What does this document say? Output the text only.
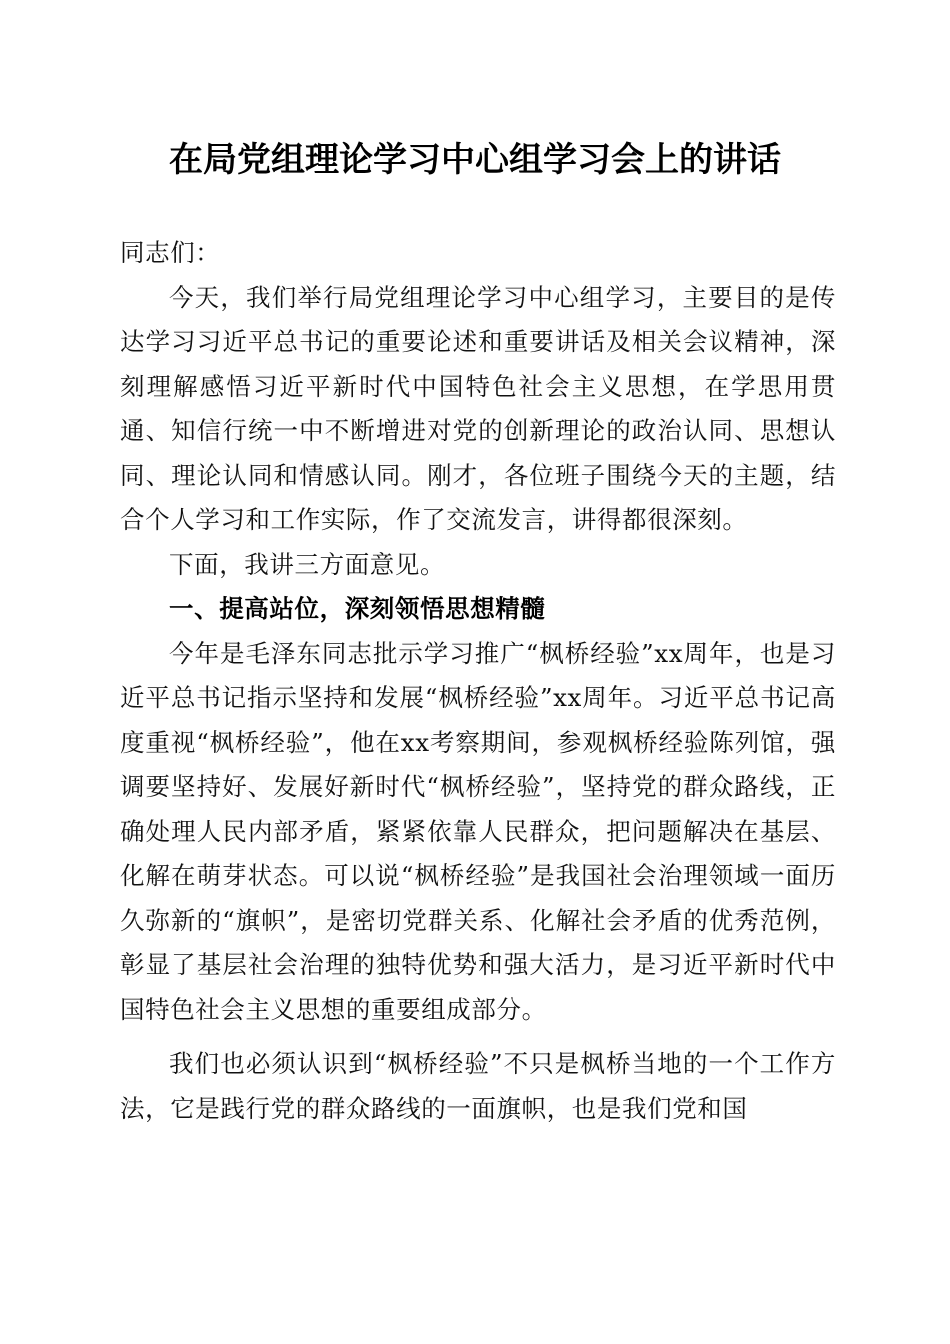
在局党组理论学习中心组学习会上的讲话

同志们：

今天，我们举行局党组理论学习中心组学习，主要目的是传达学习习近平总书记的重要论述和重要讲话及相关会议精神，深刻理解感悟习近平新时代中国特色社会主义思想，在学思用贯通、知信行统一中不断增进对党的创新理论的政治认同、思想认同、理论认同和情感认同。刚才，各位班子围绕今天的主题，结合个人学习和工作实际，作了交流发言，讲得都很深刻。

下面，我讲三方面意见。

一、提高站位，深刻领悟思想精髓

今年是毛泽东同志批示学习推广“枫桥经验”xx周年，也是习近平总书记指示坚持和发展“枫桥经验”xx周年。习近平总书记高度重视“枫桥经验”，他在xx考察期间，参观枫桥经验陈列馆，强调要坚持好、发展好新时代“枫桥经验”，坚持党的群众路线，正确处理人民内部矛盾，紧紧依靠人民群众，把问题解决在基层、化解在萌芽状态。可以说“枫桥经验”是我国社会治理领域一面历久弥新的“旗帜”，是密切党群关系、化解社会矛盾的优秀范例，彰显了基层社会治理的独特优势和强大活力，是习近平新时代中国特色社会主义思想的重要组成部分。

我们也必须认识到“枫桥经验”不只是枫桥当地的一个工作方法，它是践行党的群众路线的一面旗帜，也是我们党和国
